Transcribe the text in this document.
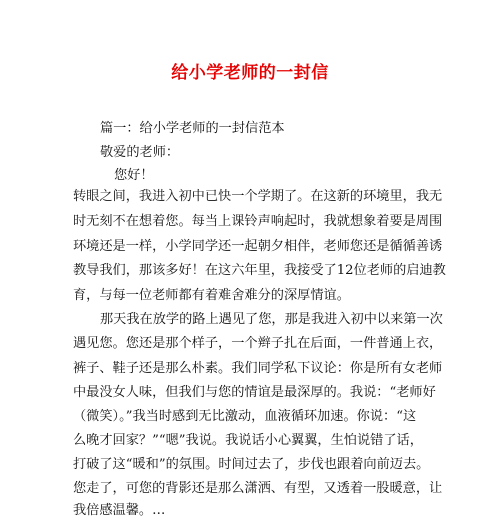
给小学老师的一封信
篇一：给小学老师的一封信范本
敬爱的老师：
您好！
转眼之间，我进入初中已快一个学期了。在这新的环境里，我无
时无刻不在想着您。每当上课铃声响起时，我就想象着要是周围
环境还是一样，小学同学还一起朝夕相伴，老师您还是循循善诱
教导我们，那该多好！在这六年里，我接受了12位老师的启迪教
育，与每一位老师都有着难舍难分的深厚情谊。
那天我在放学的路上遇见了您，那是我进入初中以来第一次
遇见您。您还是那个样子，一个辫子扎在后面，一件普通上衣，
裤子、鞋子还是那么朴素。我们同学私下议论：你是所有女老师
中最没女人味，但我们与您的情谊是最深厚的。我说：“老师好
（微笑）。”我当时感到无比激动，血液循环加速。你说：“这
么晚才回家？”“嗯”我说。我说话小心翼翼，生怕说错了话，
打破了这“暖和”的氛围。时间过去了，步伐也跟着向前迈去。
您走了，可您的背影还是那么潇洒、有型，又透着一股暖意，让
我倍感温馨。…
